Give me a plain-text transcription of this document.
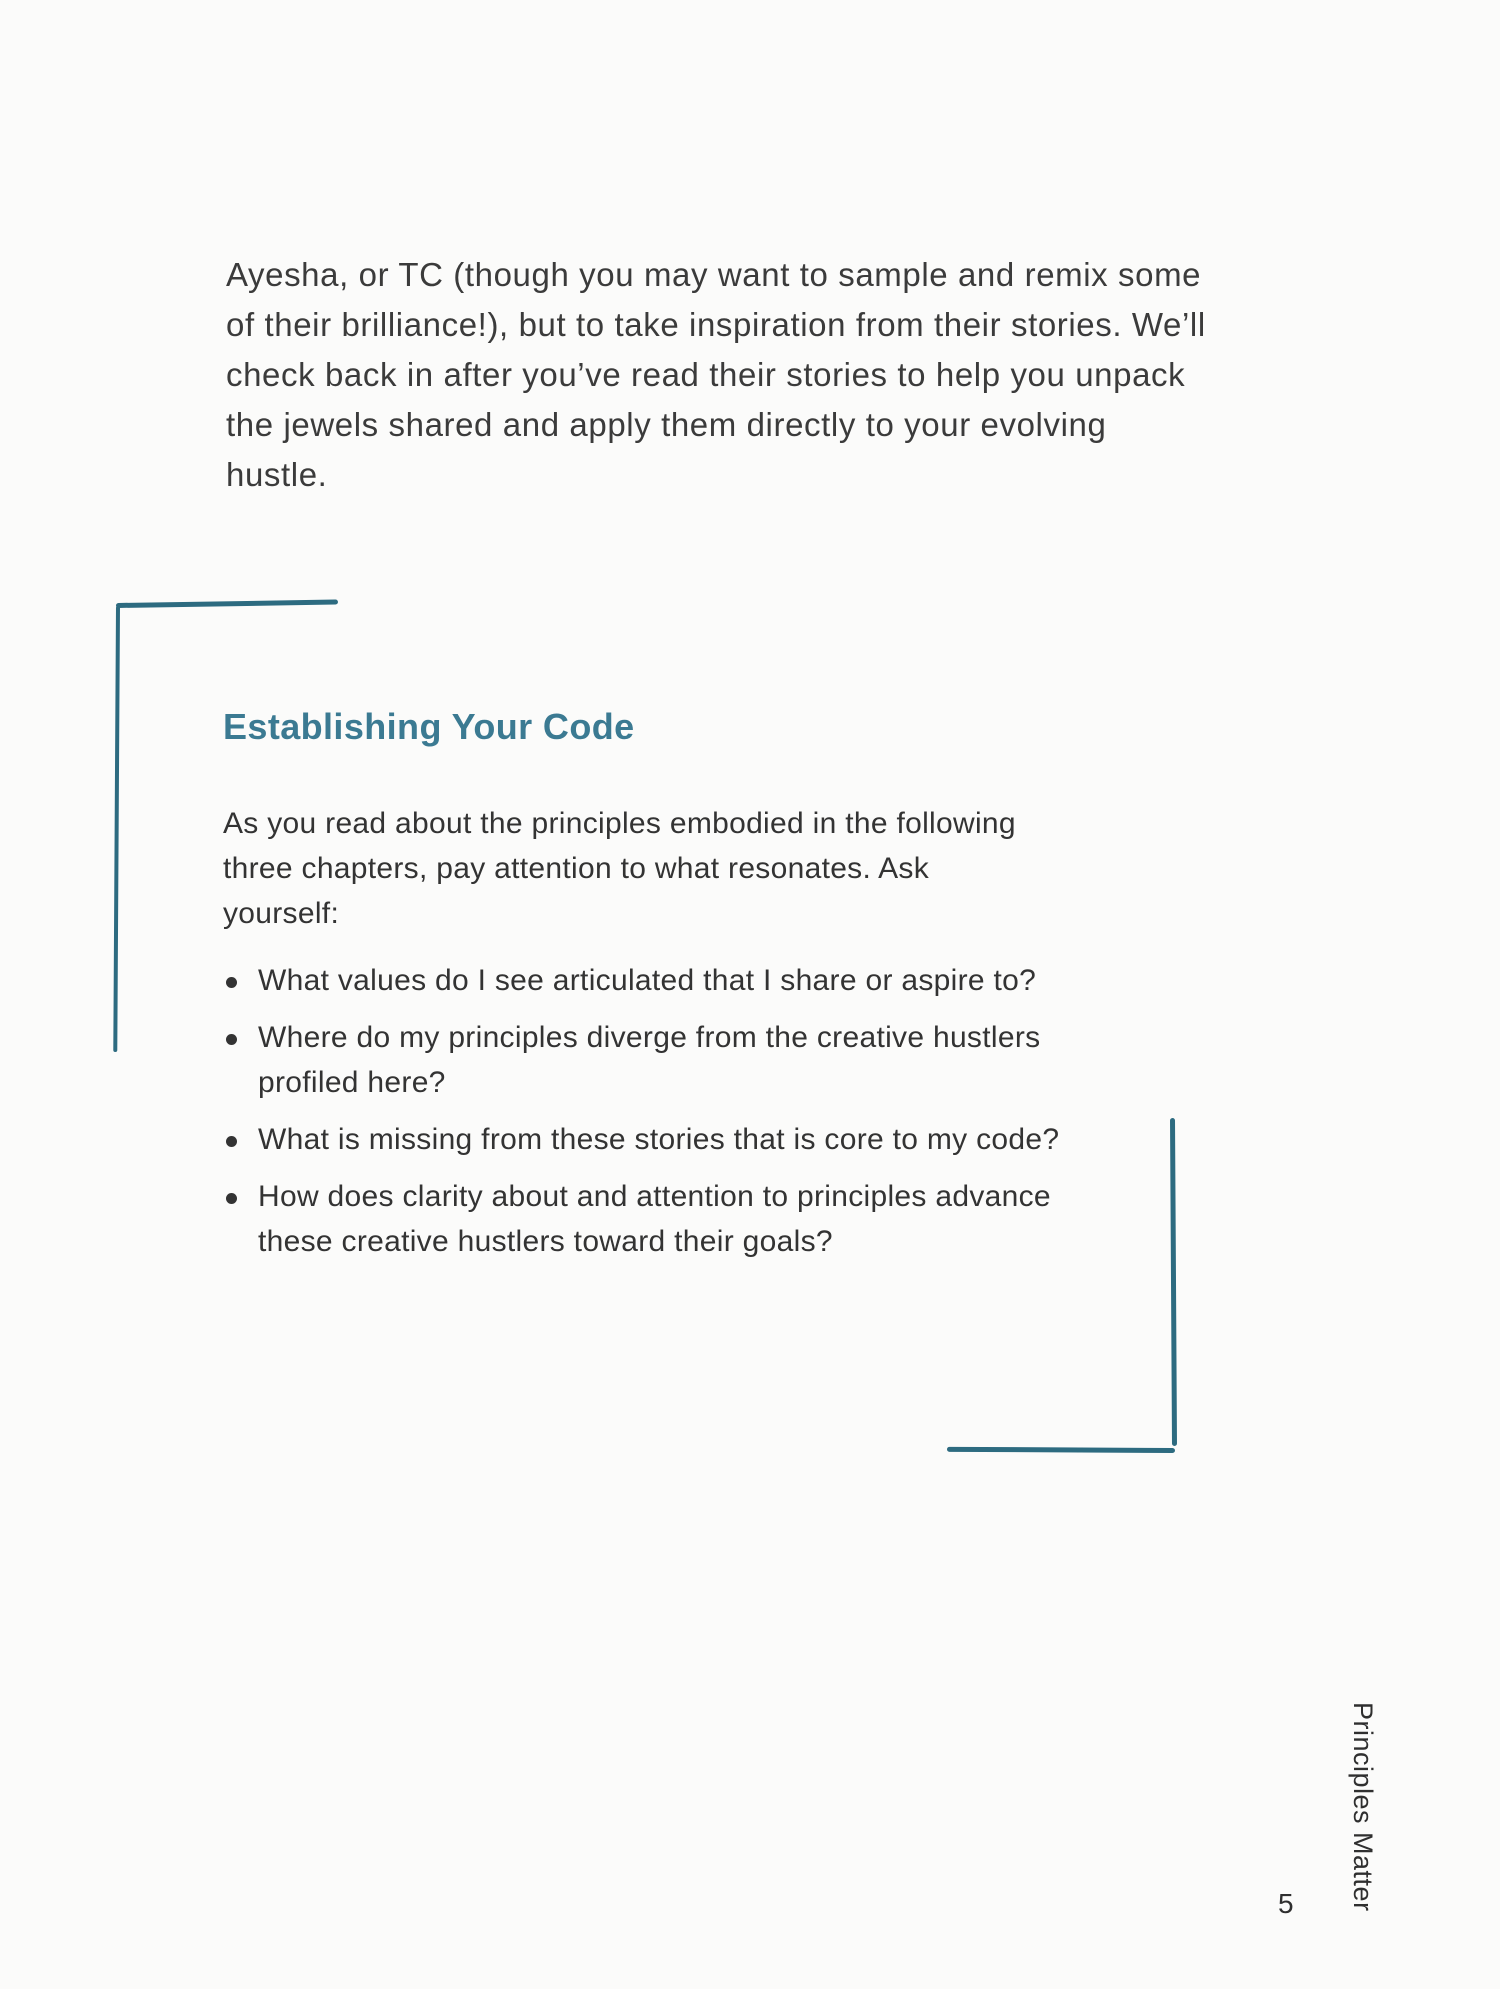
Ayesha, or TC (though you may want to sample and remix some of their brilliance!), but to take inspiration from their stories. We’ll check back in after you’ve read their stories to help you unpack the jewels shared and apply them directly to your evolving hustle.

Establishing Your Code

As you read about the principles embodied in the following three chapters, pay attention to what resonates. Ask yourself:

What values do I see articulated that I share or aspire to?
Where do my principles diverge from the creative hustlers profiled here?
What is missing from these stories that is core to my code?
How does clarity about and attention to principles advance these creative hustlers toward their goals?
5 Principles Matter
